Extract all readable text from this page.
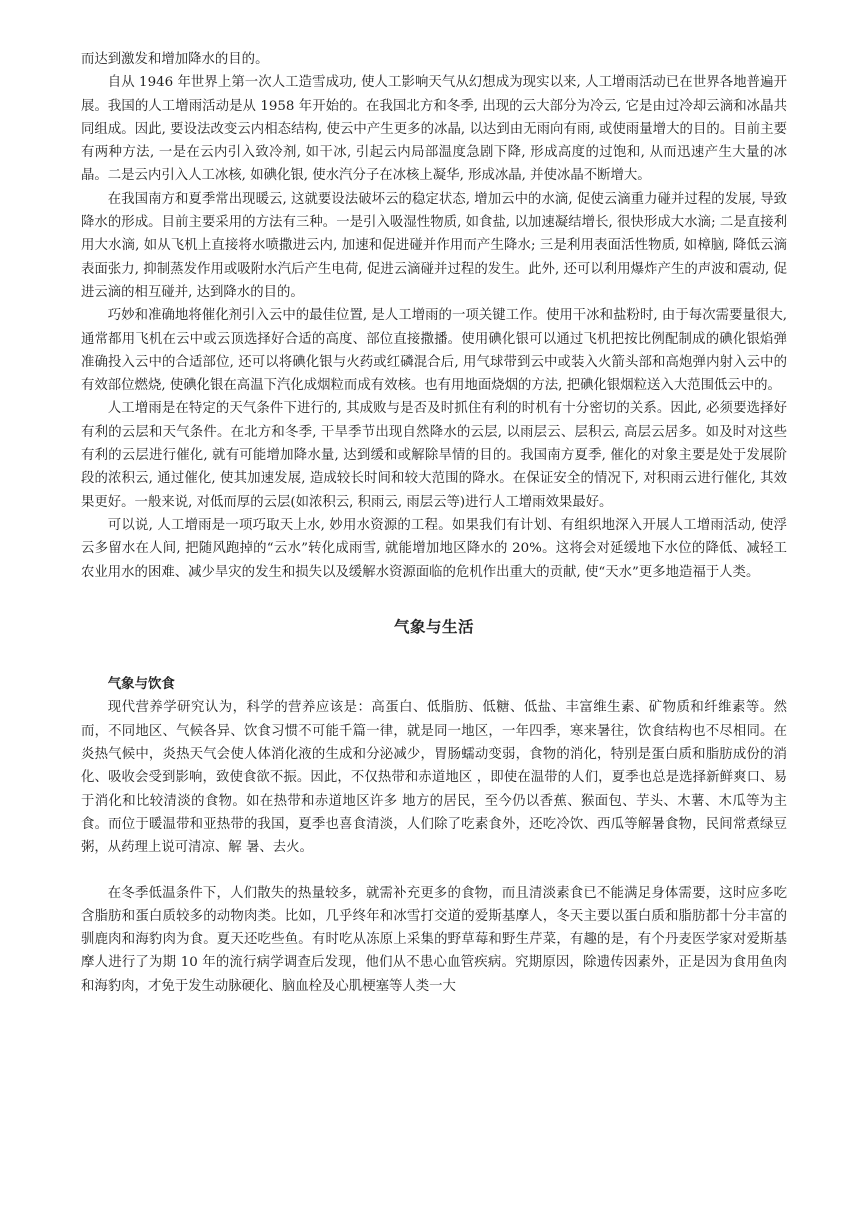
而达到激发和增加降水的目的。

自从 1946 年世界上第一次人工造雪成功, 使人工影响天气从幻想成为现实以来, 人工增雨活动已在世界各地普遍开展。我国的人工增雨活动是从 1958 年开始的。在我国北方和冬季, 出现的云大部分为冷云, 它是由过冷却云滴和冰晶共同组成。因此, 要设法改变云内相态结构, 使云中产生更多的冰晶, 以达到由无雨向有雨, 或使雨量增大的目的。目前主要有两种方法, 一是在云内引入致冷剂, 如干冰, 引起云内局部温度急剧下降, 形成高度的过饱和, 从而迅速产生大量的冰晶。二是云内引入人工冰核, 如碘化银, 使水汽分子在冰核上凝华, 形成冰晶, 并使冰晶不断增大。

在我国南方和夏季常出现暖云, 这就要设法破坏云的稳定状态, 增加云中的水滴, 促使云滴重力碰并过程的发展, 导致降水的形成。目前主要采用的方法有三种。一是引入吸湿性物质, 如食盐, 以加速凝结增长, 很快形成大水滴; 二是直接利用大水滴, 如从飞机上直接将水喷撒进云内, 加速和促进碰并作用而产生降水; 三是利用表面活性物质, 如樟脑, 降低云滴表面张力, 抑制蒸发作用或吸附水汽后产生电荷, 促进云滴碰并过程的发生。此外, 还可以利用爆炸产生的声波和震动, 促进云滴的相互碰并, 达到降水的目的。

巧妙和准确地将催化剂引入云中的最佳位置, 是人工增雨的一项关键工作。使用干冰和盐粉时, 由于每次需要量很大, 通常都用飞机在云中或云顶选择好合适的高度、部位直接撒播。使用碘化银可以通过飞机把按比例配制成的碘化银焰弹准确投入云中的合适部位, 还可以将碘化银与火药或红磷混合后, 用气球带到云中或装入火箭头部和高炮弹内射入云中的有效部位燃烧, 使碘化银在高温下汽化成烟粒而成有效核。也有用地面烧烟的方法, 把碘化银烟粒送入大范围低云中的。

人工增雨是在特定的天气条件下进行的, 其成败与是否及时抓住有利的时机有十分密切的关系。因此, 必须要选择好有利的云层和天气条件。在北方和冬季, 干旱季节出现自然降水的云层, 以雨层云、层积云, 高层云居多。如及时对这些有利的云层进行催化, 就有可能增加降水量, 达到缓和或解除旱情的目的。我国南方夏季, 催化的对象主要是处于发展阶段的浓积云, 通过催化, 使其加速发展, 造成较长时间和较大范围的降水。在保证安全的情况下, 对积雨云进行催化, 其效果更好。一般来说, 对低而厚的云层(如浓积云, 积雨云, 雨层云等)进行人工增雨效果最好。

可以说, 人工增雨是一项巧取天上水, 妙用水资源的工程。如果我们有计划、有组织地深入开展人工增雨活动, 使浮云多留水在人间, 把随风跑掉的“云水”转化成雨雪, 就能增加地区降水的 20%。这将会对延缓地下水位的降低、减轻工农业用水的困难、减少旱灾的发生和损失以及缓解水资源面临的危机作出重大的贡献, 使“天水”更多地造福于人类。

气象与生活

气象与饮食

现代营养学研究认为，科学的营养应该是：高蛋白、低脂肪、低糖、低盐、丰富维生素、矿物质和纤维素等。然而，不同地区、气候各异、饮食习惯不可能千篇一律，就是同一地区，一年四季，寒来暑往，饮食结构也不尽相同。在炎热气候中，炎热天气会使人体消化液的生成和分泌减少，胃肠蠕动变弱，食物的消化，特别是蛋白质和脂肪成份的消化、吸收会受到影响，致使食欲不振。因此，不仅热带和赤道地区 ，即使在温带的人们，夏季也总是选择新鲜爽口、易于消化和比较清淡的食物。如在热带和赤道地区许多 地方的居民，至今仍以香蕉、猴面包、芋头、木薯、木瓜等为主食。而位于暖温带和亚热带的我国，夏季也喜食清淡，人们除了吃素食外，还吃冷饮、西瓜等解暑食物，民间常煮绿豆粥，从药理上说可清凉、解 暑、去火。

在冬季低温条件下，人们散失的热量较多，就需补充更多的食物，而且清淡素食已不能满足身体需要，这时应多吃含脂肪和蛋白质较多的动物肉类。比如，几乎终年和冰雪打交道的爱斯基摩人，冬天主要以蛋白质和脂肪都十分丰富的驯鹿肉和海豹肉为食。夏天还吃些鱼。有时吃从冻原上采集的野草莓和野生芹菜，有趣的是，有个丹麦医学家对爱斯基摩人进行了为期 10 年的流行病学调查后发现，他们从不患心血管疾病。究期原因，除遗传因素外，正是因为食用鱼肉和海豹肉，才免于发生动脉硬化、脑血栓及心肌梗塞等人类一大
